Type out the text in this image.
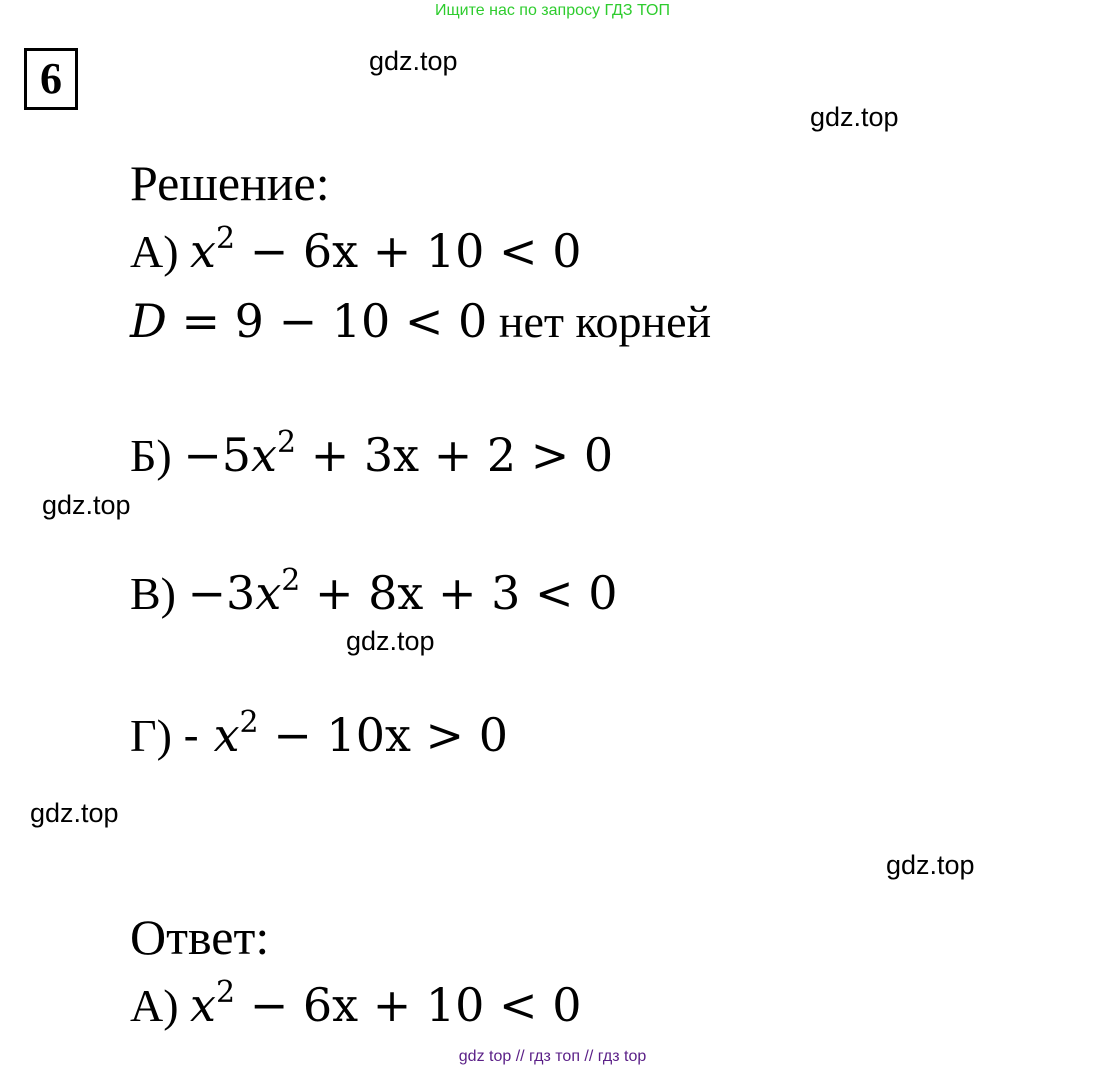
Ищите нас по запросу ГДЗ ТОП
6	gdz.top
gdz.top
gdz.top
gdz.top
gdz.top
gdz.top
Решение:
А) $x^2 - 6x + 10 < 0$
D = 9 − 10 < 0 нет корней
$Б) -5x^2 + 3x + 2 > 0$
$В) -3x^2 + 8x + 3 < 0$
$Г) - x^2 - 10x > 0$
Ответ:
А) $x^2 - 6x + 10 < 0$
gdz top // гдз топ // гдз top
